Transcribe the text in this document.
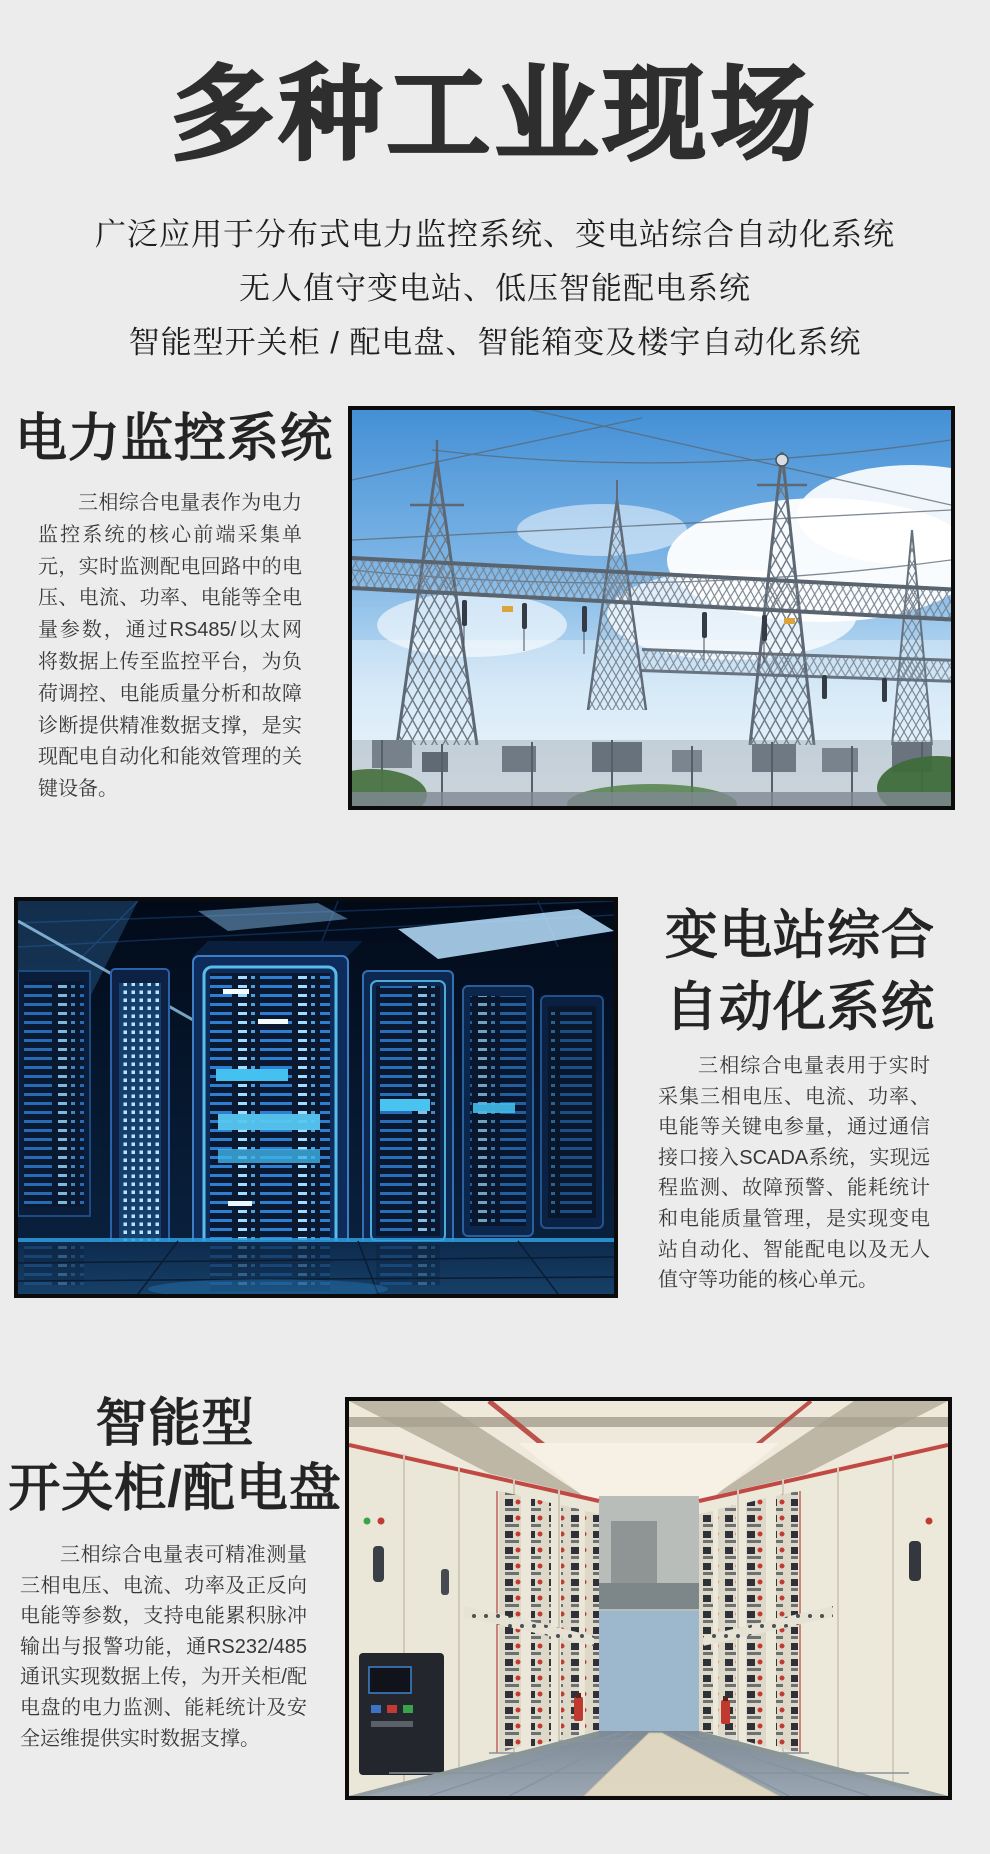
多种工业现场
广泛应用于分布式电力监控系统、变电站综合自动化系统
无人值守变电站、低压智能配电系统
智能型开关柜 / 配电盘、智能箱变及楼宇自动化系统
电力监控系统
三相综合电量表作为电力监控系统的核心前端采集单元，实时监测配电回路中的电压、电流、功率、电能等全电量参数，通过RS485/以太网将数据上传至监控平台，为负荷调控、电能质量分析和故障诊断提供精准数据支撑，是实现配电自动化和能效管理的关键设备。
变电站综合
自动化系统
三相综合电量表用于实时采集三相电压、电流、功率、电能等关键电参量，通过通信接口接入SCADA系统，实现远程监测、故障预警、能耗统计和电能质量管理，是实现变电站自动化、智能配电以及无人值守等功能的核心单元。
智能型
开关柜/配电盘
三相综合电量表可精准测量三相电压、电流、功率及正反向电能等参数，支持电能累积脉冲输出与报警功能，通RS232/485通讯实现数据上传，为开关柜/配电盘的电力监测、能耗统计及安全运维提供实时数据支撑。
